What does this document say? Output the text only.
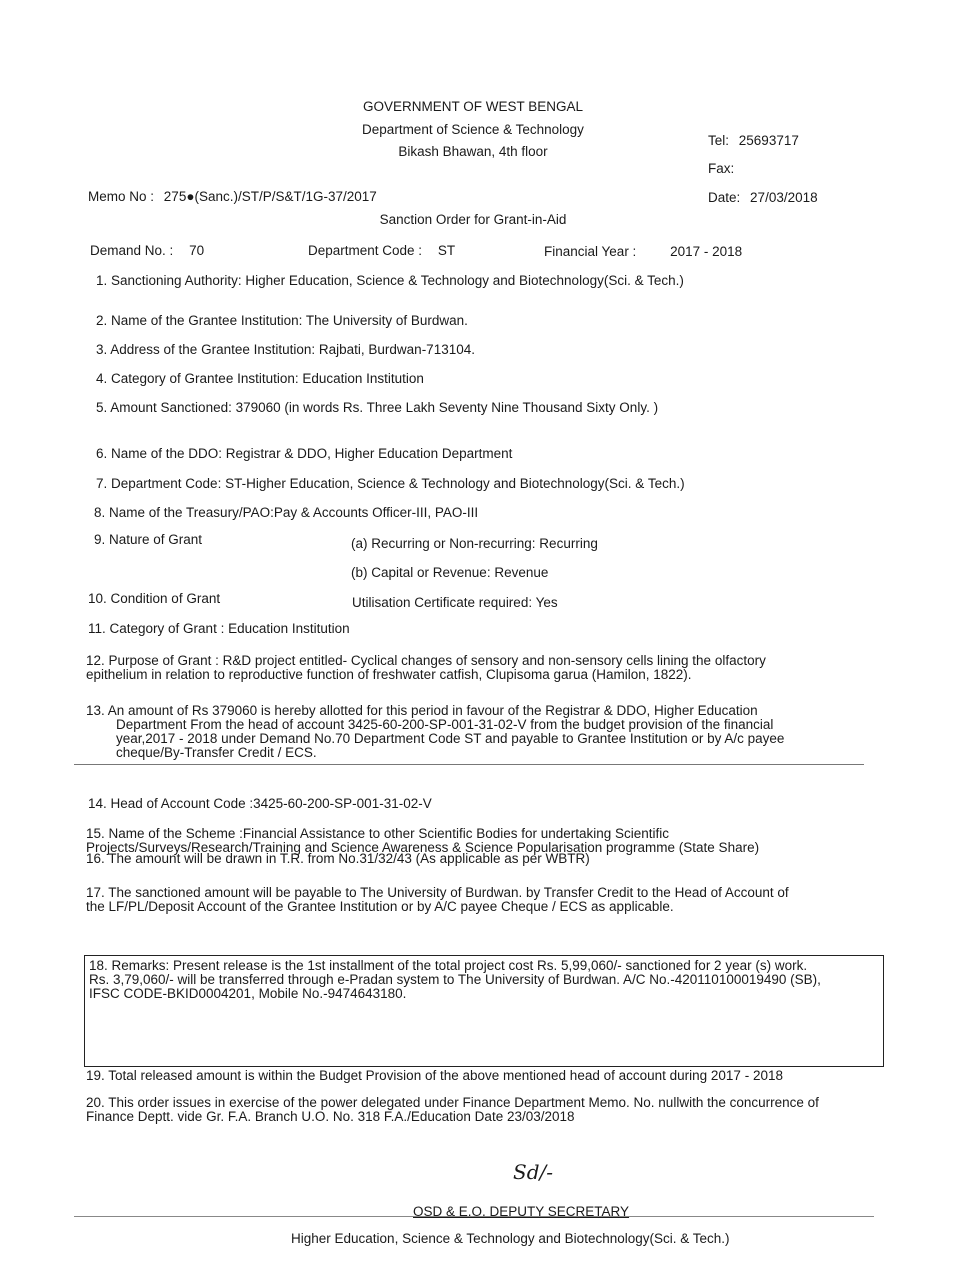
GOVERNMENT OF WEST BENGAL
Department of Science & Technology
Bikash Bhawan, 4th floor
Tel: 25693717
Fax:
Memo No : 275●(Sanc.)/ST/P/S&T/1G-37/2017	Date: 27/03/2018
Sanction Order for Grant-in-Aid
Demand No. : 70	Department Code : ST	Financial Year :	2017 - 2018
1. Sanctioning Authority: Higher Education, Science & Technology and Biotechnology(Sci. & Tech.)
2. Name of the Grantee Institution: The University of Burdwan.
3. Address of the Grantee Institution: Rajbati, Burdwan-713104.
4. Category of Grantee Institution: Education Institution
5. Amount Sanctioned: 379060 (in words Rs. Three Lakh Seventy Nine Thousand Sixty Only. )
6. Name of the DDO: Registrar & DDO, Higher Education Department
7. Department Code: ST-Higher Education, Science & Technology and Biotechnology(Sci. & Tech.)
8. Name of the Treasury/PAO:Pay & Accounts Officer-III, PAO-III
9. Nature of Grant	(a) Recurring or Non-recurring: Recurring
(b) Capital or Revenue: Revenue
10. Condition of Grant	Utilisation Certificate required: Yes
11. Category of Grant : Education Institution
12. Purpose of Grant : R&D project entitled- Cyclical changes of sensory and non-sensory cells lining the olfactory
epithelium in relation to reproductive function of freshwater catfish, Clupisoma garua (Hamilon, 1822).
13. An amount of Rs 379060 is hereby allotted for this period in favour of the Registrar & DDO, Higher Education
Department From the head of account 3425-60-200-SP-001-31-02-V from the budget provision of the financial
year,2017 - 2018 under Demand No.70 Department Code ST and payable to Grantee Institution or by A/c payee
cheque/By-Transfer Credit / ECS.
14. Head of Account Code :3425-60-200-SP-001-31-02-V
15. Name of the Scheme :Financial Assistance to other Scientific Bodies for undertaking Scientific
Projects/Surveys/Research/Training and Science Awareness & Science Popularisation programme (State Share)
16. The amount will be drawn in T.R. from No.31/32/43 (As applicable as per WBTR)
17. The sanctioned amount will be payable to The University of Burdwan. by Transfer Credit to the Head of Account of
the LF/PL/Deposit Account of the Grantee Institution or by A/C payee Cheque / ECS as applicable.
18. Remarks: Present release is the 1st installment of the total project cost Rs. 5,99,060/- sanctioned for 2 year (s) work.
Rs. 3,79,060/- will be transferred through e-Pradan system to The University of Burdwan. A/C No.-420110100019490 (SB),
IFSC CODE-BKID0004201, Mobile No.-9474643180.
19. Total released amount is within the Budget Provision of the above mentioned head of account during 2017 - 2018
20. This order issues in exercise of the power delegated under Finance Department Memo. No. nullwith the concurrence of
Finance Deptt. vide Gr. F.A. Branch U.O. No. 318 F.A./Education Date 23/03/2018
Sd/-
OSD & E.O. DEPUTY SECRETARY
Higher Education, Science & Technology and Biotechnology(Sci. & Tech.)
